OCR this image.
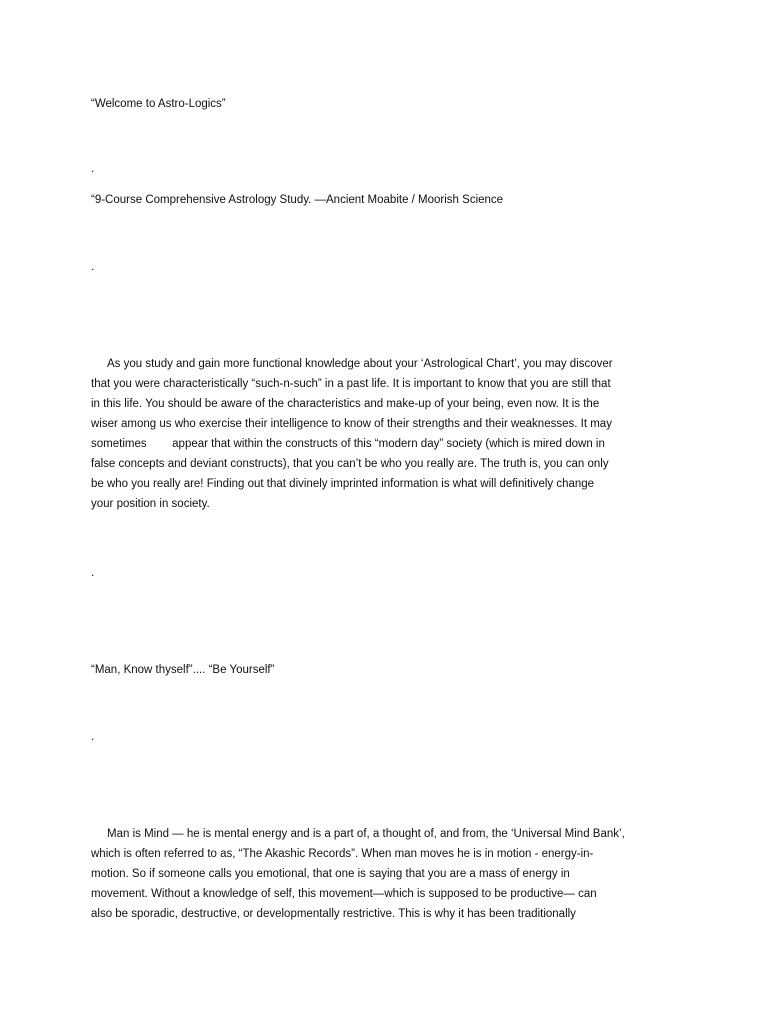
“Welcome to Astro-Logics”
.
“9-Course Comprehensive Astrology Study. —Ancient Moabite / Moorish Science
.
As you study and gain more functional knowledge about your ‘Astrological Chart’, you may discover
that you were characteristically “such-n-such” in a past life. It is important to know that you are still that
in this life. You should be aware of the characteristics and make-up of your being, even now. It is the
wiser among us who exercise their intelligence to know of their strengths and their weaknesses. It may
sometimes        appear that within the constructs of this “modern day” society (which is mired down in
false concepts and deviant constructs), that you can’t be who you really are. The truth is, you can only
be who you really are! Finding out that divinely imprinted information is what will definitively change
your position in society.
.
“Man, Know thyself”.... “Be Yourself”
.
Man is Mind — he is mental energy and is a part of, a thought of, and from, the ‘Universal Mind Bank’,
which is often referred to as, “The Akashic Records”. When man moves he is in motion - energy-in-
motion. So if someone calls you emotional, that one is saying that you are a mass of energy in
movement. Without a knowledge of self, this movement—which is supposed to be productive— can
also be sporadic, destructive, or developmentally restrictive. This is why it has been traditionally
